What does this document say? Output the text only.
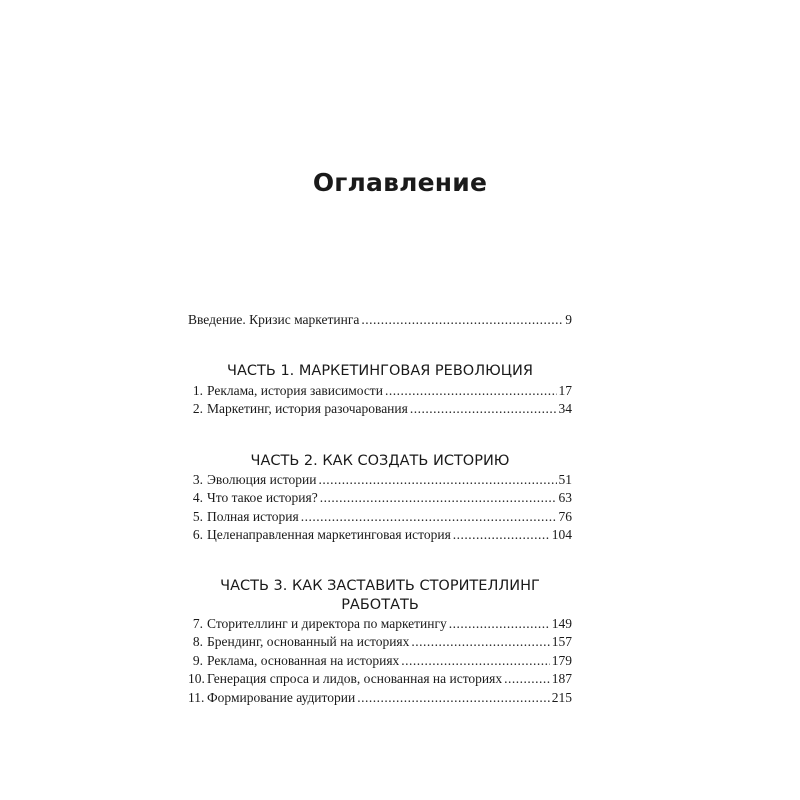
Оглавление
Введение. Кризис маркетинга .....	9
ЧАСТЬ 1. МАРКЕТИНГОВАЯ РЕВОЛЮЦИЯ
1. Реклама, история зависимости .....	17
2. Маркетинг, история разочарования .....	34
ЧАСТЬ 2. КАК СОЗДАТЬ ИСТОРИЮ
3. Эволюция истории .....	51
4. Что такое история? .....	63
5. Полная история .....	76
6. Целенаправленная маркетинговая история .....	104
ЧАСТЬ 3. КАК ЗАСТАВИТЬ СТОРИТЕЛЛИНГ
РАБОТАТЬ
7. Сторителлинг и директора по маркетингу .....	149
8. Брендинг, основанный на историях .....	157
9. Реклама, основанная на историях .....	179
10. Генерация спроса и лидов, основанная на историях .....	187
11. Формирование аудитории .....	215
